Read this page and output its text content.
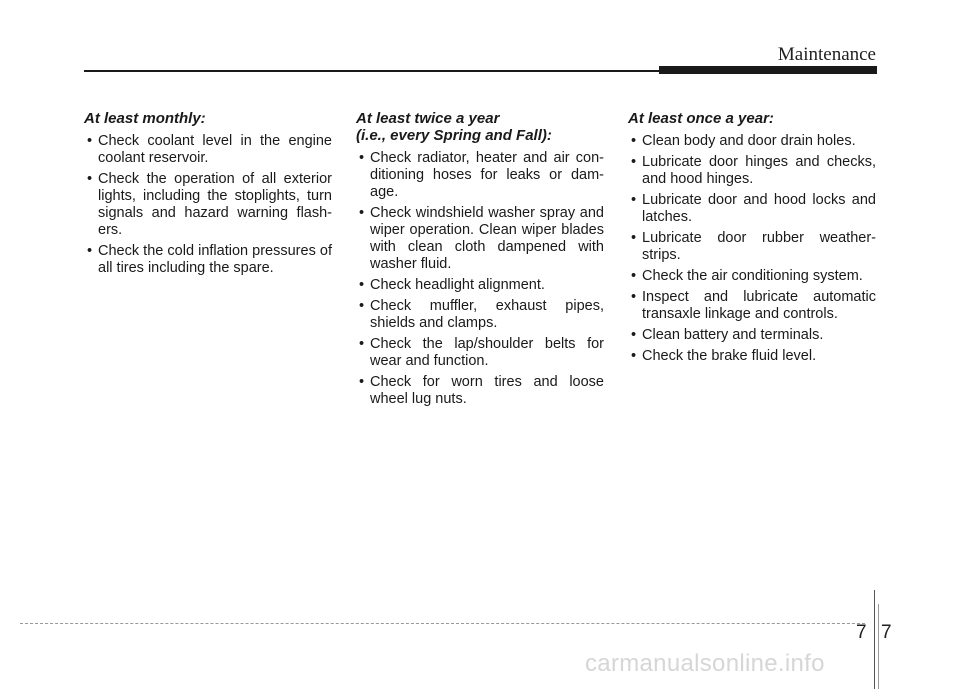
Maintenance
At least monthly:
• Check coolant level in the engine coolant reservoir.
• Check the operation of all exterior lights, including the stoplights, turn signals and hazard warning flash-ers.
• Check the cold inflation pressures of all tires including the spare.
At least twice a year
(i.e., every Spring and Fall):
• Check radiator, heater and air con-ditioning hoses for leaks or dam-age.
• Check windshield washer spray and wiper operation. Clean wiper blades with clean cloth dampened with washer fluid.
• Check headlight alignment.
• Check muffler, exhaust pipes, shields and clamps.
• Check the lap/shoulder belts for wear and function.
• Check for worn tires and loose wheel lug nuts.
At least once a year:
• Clean body and door drain holes.
• Lubricate door hinges and checks, and hood hinges.
• Lubricate door and hood locks and latches.
• Lubricate door rubber weather-strips.
• Check the air conditioning system.
• Inspect and lubricate automatic transaxle linkage and controls.
• Clean battery and terminals.
• Check the brake fluid level.
7 7
carmanualsonline.info
